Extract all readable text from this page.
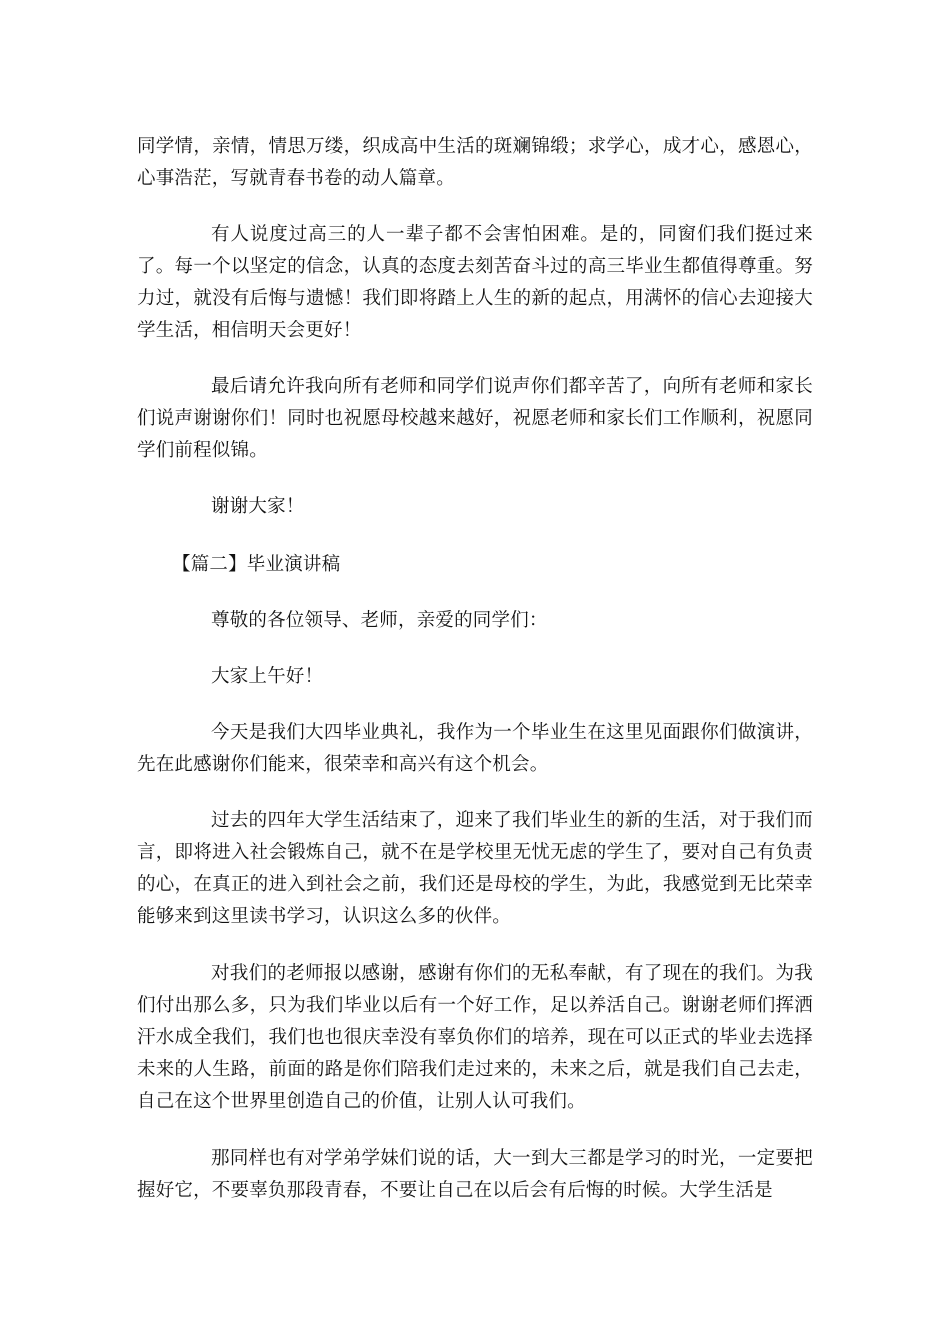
同学情，亲情，情思万缕，织成高中生活的斑斓锦缎；求学心，成才心，感恩心，心事浩茫，写就青春书卷的动人篇章。

有人说度过高三的人一辈子都不会害怕困难。是的，同窗们我们挺过来了。每一个以坚定的信念，认真的态度去刻苦奋斗过的高三毕业生都值得尊重。努力过，就没有后悔与遗憾！我们即将踏上人生的新的起点，用满怀的信心去迎接大学生活，相信明天会更好！

最后请允许我向所有老师和同学们说声你们都辛苦了，向所有老师和家长们说声谢谢你们！同时也祝愿母校越来越好，祝愿老师和家长们工作顺利，祝愿同学们前程似锦。

谢谢大家！

【篇二】毕业演讲稿

尊敬的各位领导、老师，亲爱的同学们：

大家上午好！

今天是我们大四毕业典礼，我作为一个毕业生在这里见面跟你们做演讲，先在此感谢你们能来，很荣幸和高兴有这个机会。

过去的四年大学生活结束了，迎来了我们毕业生的新的生活，对于我们而言，即将进入社会锻炼自己，就不在是学校里无忧无虑的学生了，要对自己有负责的心，在真正的进入到社会之前，我们还是母校的学生，为此，我感觉到无比荣幸能够来到这里读书学习，认识这么多的伙伴。

对我们的老师报以感谢，感谢有你们的无私奉献，有了现在的我们。为我们付出那么多，只为我们毕业以后有一个好工作，足以养活自己。谢谢老师们挥洒汗水成全我们，我们也也很庆幸没有辜负你们的培养，现在可以正式的毕业去选择未来的人生路，前面的路是你们陪我们走过来的，未来之后，就是我们自己去走，自己在这个世界里创造自己的价值，让别人认可我们。

那同样也有对学弟学妹们说的话，大一到大三都是学习的时光，一定要把握好它，不要辜负那段青春，不要让自己在以后会有后悔的时候。大学生活是
